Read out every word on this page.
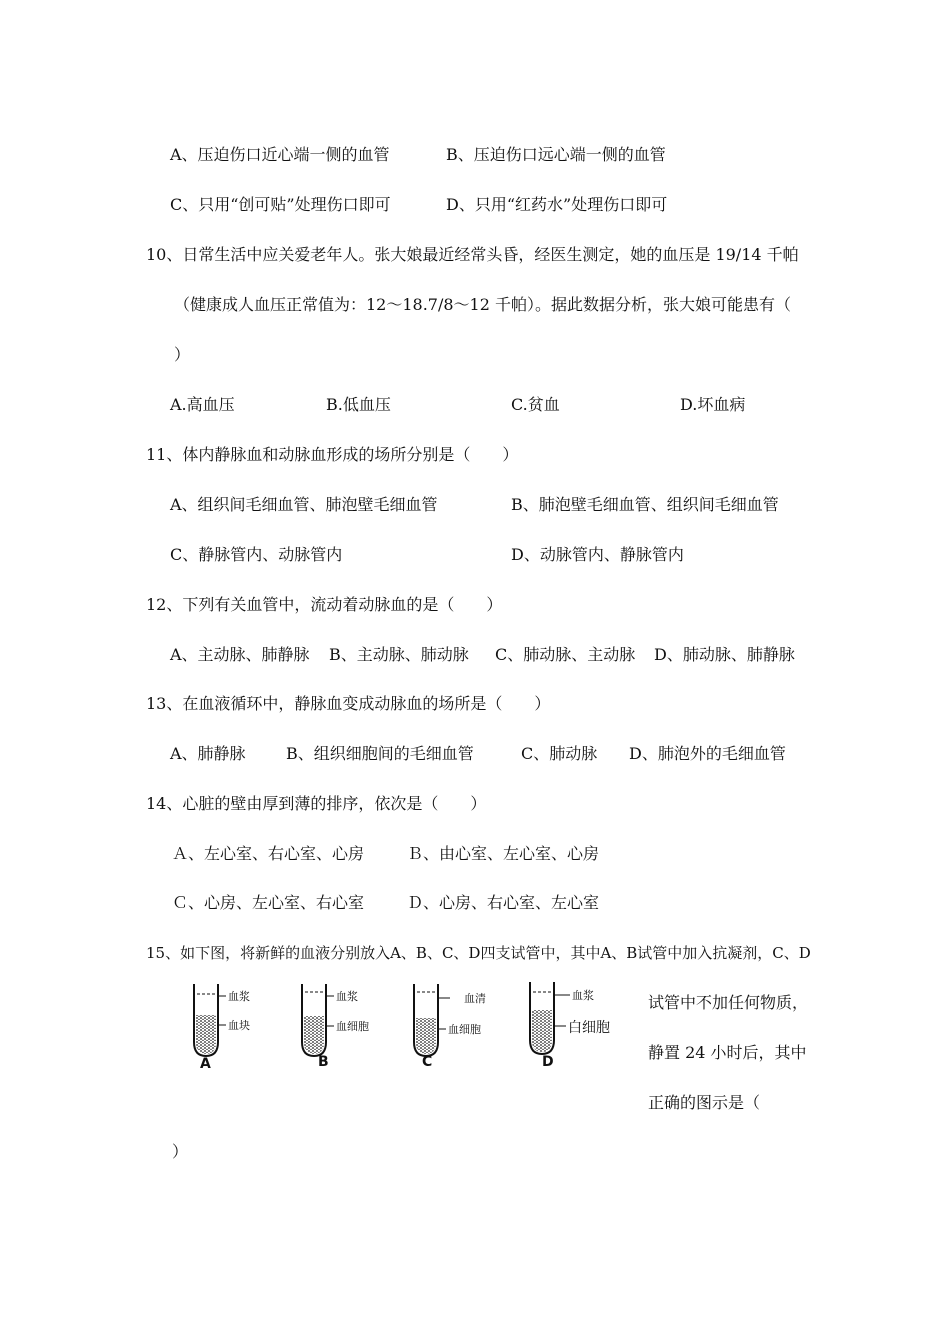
A、压迫伤口近心端一侧的血管	B、压迫伤口远心端一侧的血管
C、只用“创可贴”处理伤口即可	D、只用“红药水”处理伤口即可
10、日常生活中应关爱老年人。张大娘最近经常头昏，经医生测定，她的血压是 19/14 千帕
（健康成人血压正常值为：12～18.7/8～12 千帕）。据此数据分析，张大娘可能患有（
）
A.高血压	B.低血压	C.贫血	D.坏血病
11、体内静脉血和动脉血形成的场所分别是（　　）
A、组织间毛细血管、肺泡壁毛细血管	B、肺泡壁毛细血管、组织间毛细血管
C、静脉管内、动脉管内	D、动脉管内、静脉管内
12、下列有关血管中，流动着动脉血的是（　　）
A、主动脉、肺静脉 B、主动脉、肺动脉 C、肺动脉、主动脉 D、肺动脉、肺静脉
13、在血液循环中，静脉血变成动脉血的场所是（　　）
A、肺静脉	B、组织细胞间的毛细血管	C、肺动脉 D、肺泡外的毛细血管
14、心脏的壁由厚到薄的排序，依次是（　　）
Ａ、左心室、右心室、心房	Ｂ、由心室、左心室、心房
Ｃ、心房、左心室、右心室	Ｄ、心房、右心室、左心室
15、如下图，将新鲜的血液分别放入A、B、C、D四支试管中，其中A、B试管中加入抗凝剂，C、D
血浆
血块
A
血浆
血细胞
B
血清
血细胞
C
血浆
白细胞
D
试管中不加任何物质，
静置 24 小时后，其中
正确的图示是（
）
